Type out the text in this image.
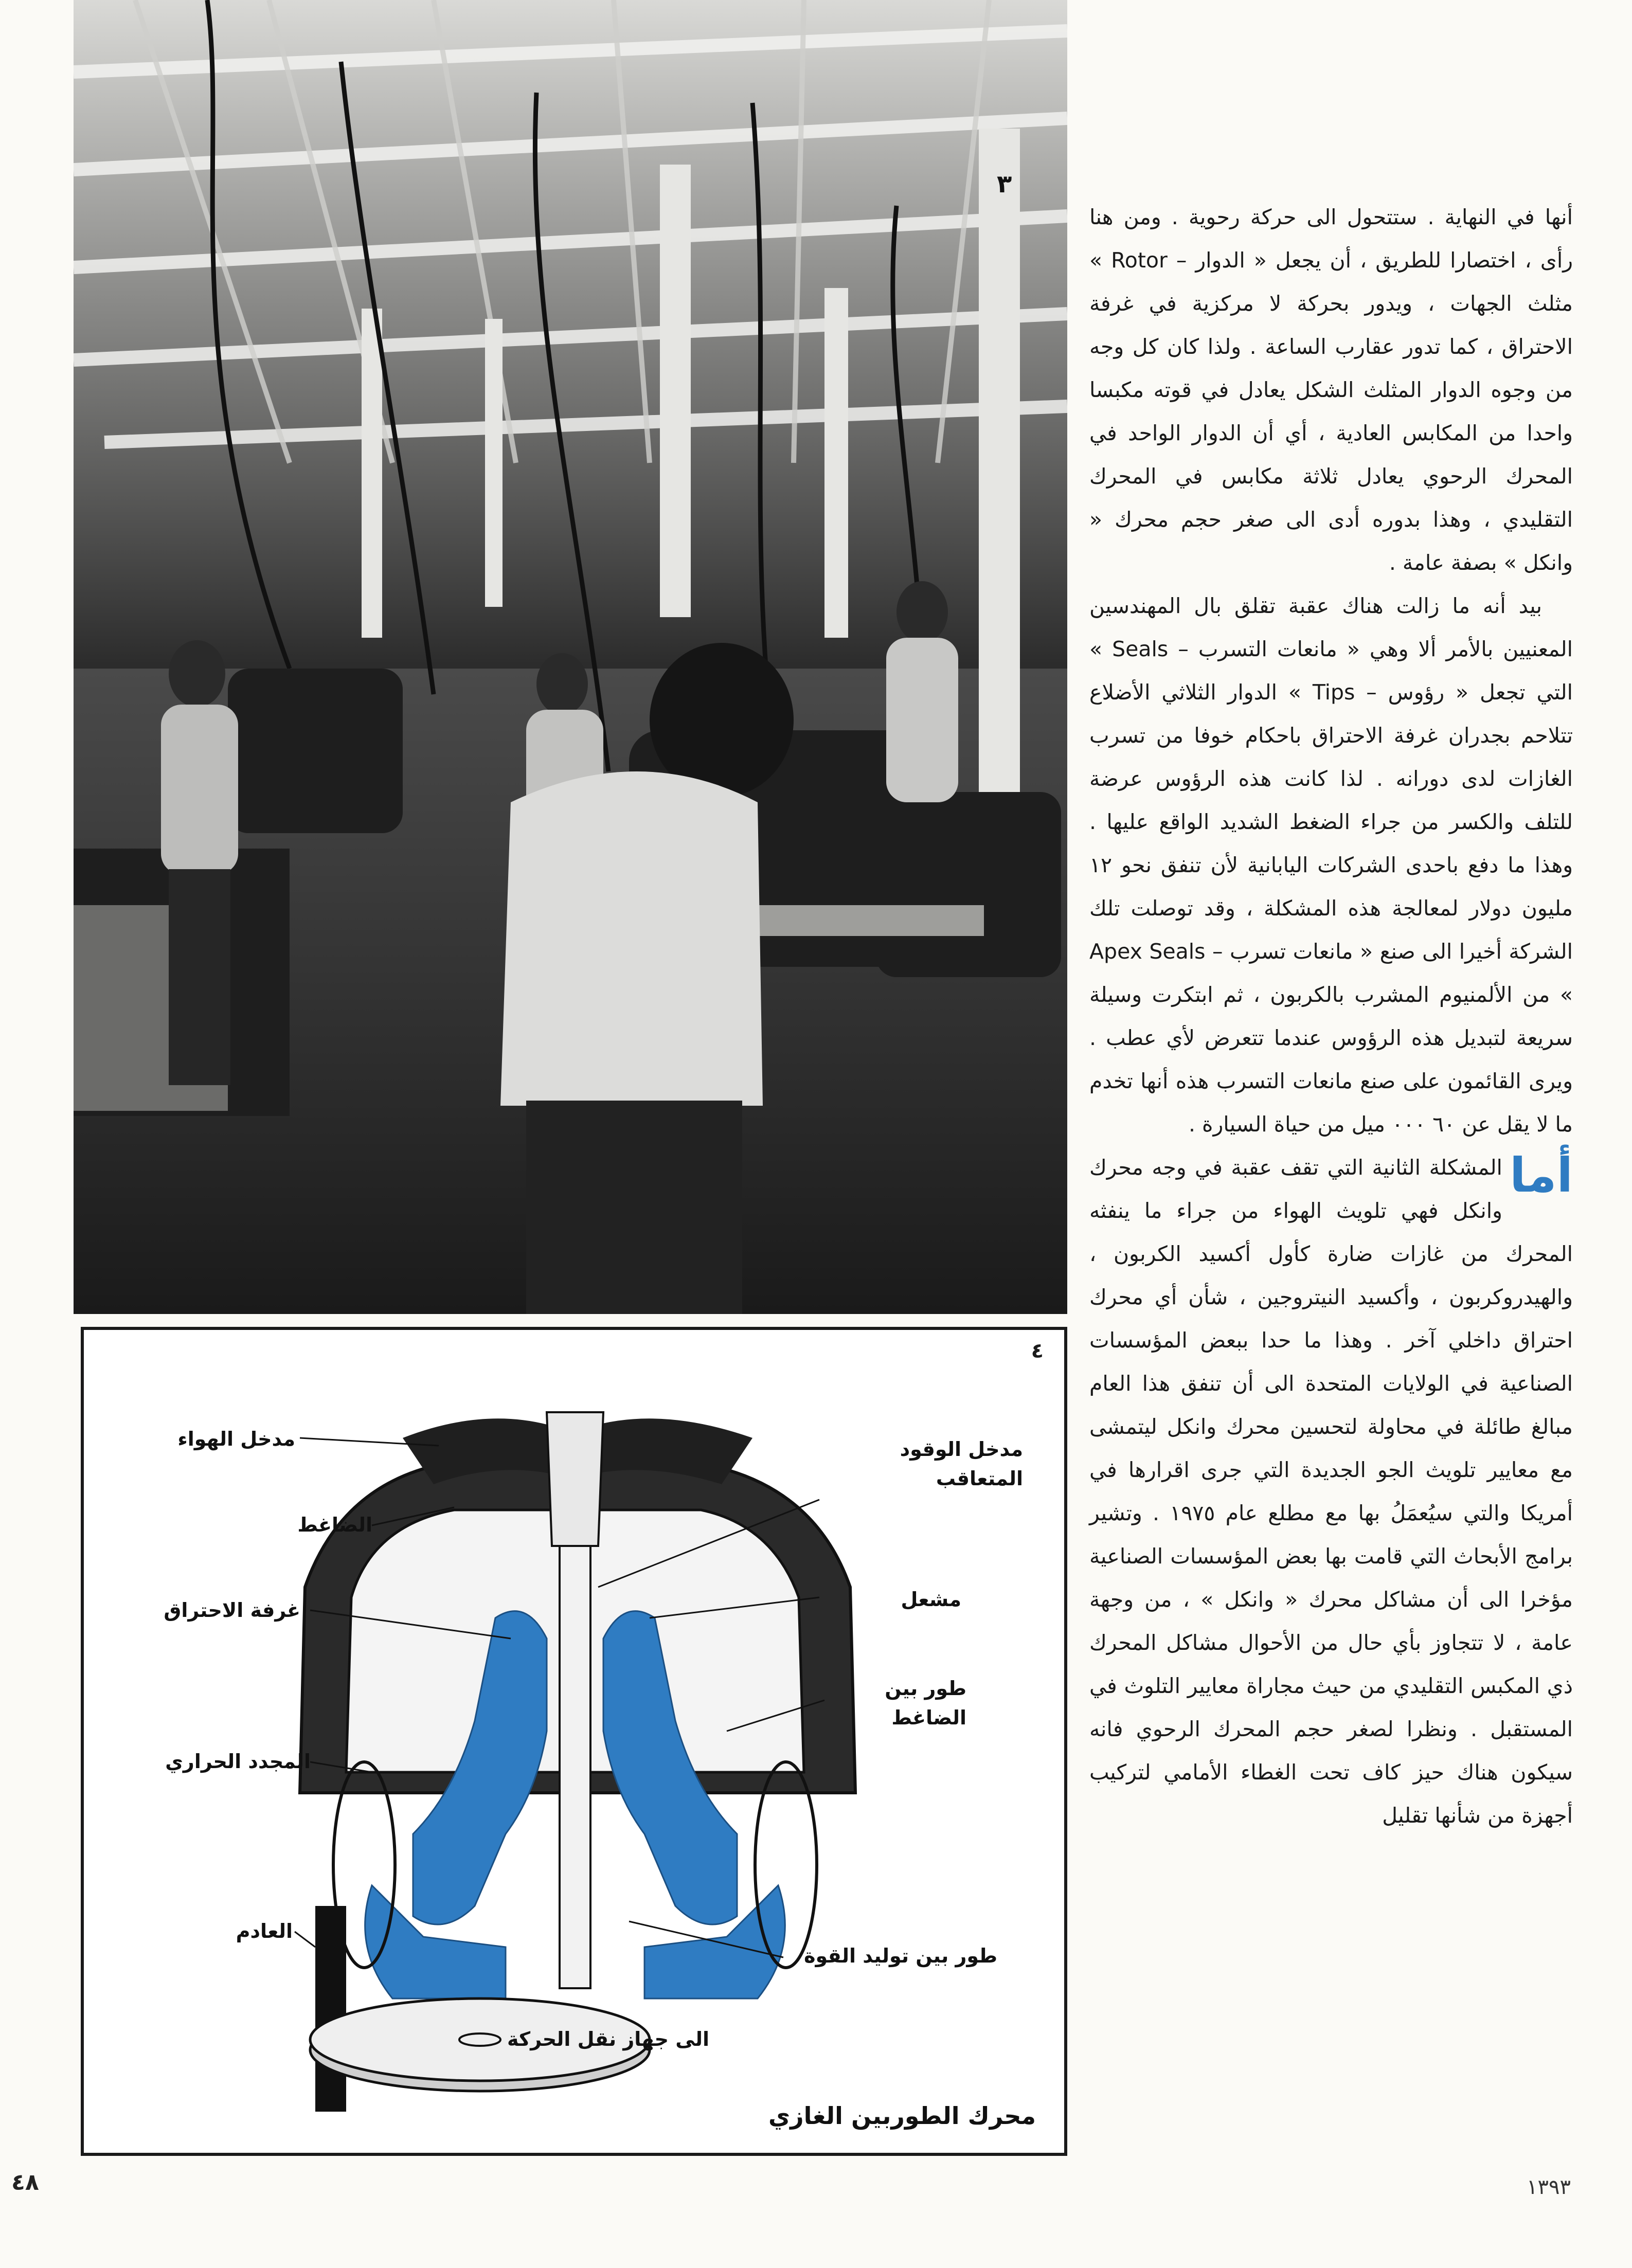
٣
٤
مدخل الهواء
الضاغط
غرفة الاحتراق
المجدد الحراري
العادم
الى جهاز نقل الحركة
مدخل الوقود
المتعاقب
مشعل
طور بين
الضاغط
طور بين توليد القوة
محرك الطوربين الغازي

أنها في النهاية . ستتحول الى حركة رحوية . ومن هنا رأى ، اختصارا للطريق ، أن يجعل « الدوار – Rotor » مثلث الجهات ، ويدور بحركة لا مركزية في غرفة الاحتراق ، كما تدور عقارب الساعة . ولذا كان كل وجه من وجوه الدوار المثلث الشكل يعادل في قوته مكبسا واحدا من المكابس العادية ، أي أن الدوار الواحد في المحرك الرحوي يعادل ثلاثة مكابس في المحرك التقليدي ، وهذا بدوره أدى الى صغر حجم محرك « وانكل » بصفة عامة .

بيد أنه ما زالت هناك عقبة تقلق بال المهندسين المعنيين بالأمر ألا وهي « مانعات التسرب – Seals » التي تجعل « رؤوس – Tips » الدوار الثلاثي الأضلاع تتلاحم بجدران غرفة الاحتراق باحكام خوفا من تسرب الغازات لدى دورانه . لذا كانت هذه الرؤوس عرضة للتلف والكسر من جراء الضغط الشديد الواقع عليها . وهذا ما دفع باحدى الشركات اليابانية لأن تنفق نحو ١٢ مليون دولار لمعالجة هذه المشكلة ، وقد توصلت تلك الشركة أخيرا الى صنع « مانعات تسرب – Apex Seals » من الألمنيوم المشرب بالكربون ، ثم ابتكرت وسيلة سريعة لتبديل هذه الرؤوس عندما تتعرض لأي عطب . ويرى القائمون على صنع مانعات التسرب هذه أنها تخدم ما لا يقل عن ٦٠ ٠٠٠ ميل من حياة السيارة .

أما
المشكلة الثانية التي تقف عقبة في وجه محرك وانكل فهي تلويث الهواء من جراء ما ينفثه المحرك من غازات ضارة كأول أكسيد الكربون ، والهيدروكربون ، وأكسيد النيتروجين ، شأن أي محرك احتراق داخلي آخر . وهذا ما حدا ببعض المؤسسات الصناعية في الولايات المتحدة الى أن تنفق هذا العام مبالغ طائلة في محاولة لتحسين محرك وانكل ليتمشى مع معايير تلويث الجو الجديدة التي جرى اقرارها في أمريكا والتي سيُعمَلُ بها مع مطلع عام ١٩٧٥ . وتشير برامج الأبحاث التي قامت بها بعض المؤسسات الصناعية مؤخرا الى أن مشاكل محرك « وانكل » ، من وجهة عامة ، لا تتجاوز بأي حال من الأحوال مشاكل المحرك ذي المكبس التقليدي من حيث مجاراة معايير التلوث في المستقبل . ونظرا لصغر حجم المحرك الرحوي فانه سيكون هناك حيز كاف تحت الغطاء الأمامي لتركيب أجهزة من شأنها تقليل

٤٨	١٣٩٣
